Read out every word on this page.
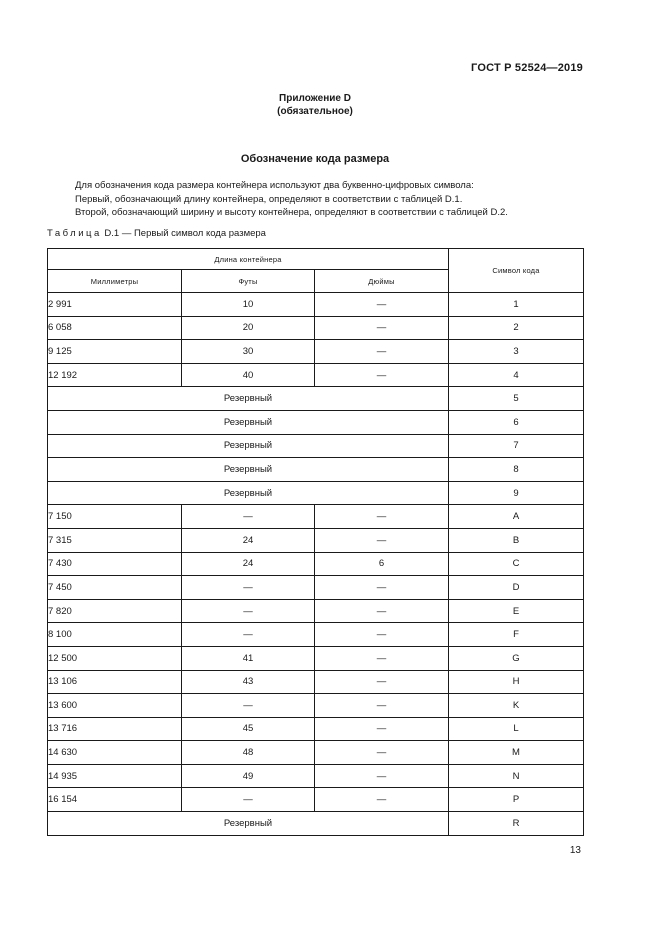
ГОСТ Р 52524—2019
Приложение D
(обязательное)
Обозначение кода размера

Для обозначения кода размера контейнера используют два буквенно-цифровых символа:

Первый, обозначающий длину контейнера, определяют в соответствии с таблицей D.1.

Второй, обозначающий ширину и высоту контейнера, определяют в соответствии с таблицей D.2.

Таблица D.1 — Первый символ кода размера
Длина контейнера			Символ кода
Миллиметры	Футы	Дюймы	
2 991	10	—	1
6 058	20	—	2
9 125	30	—	3
12 192	40	—	4
Резервный			5
Резервный			6
Резервный			7
Резервный			8
Резервный			9
7 150	—	—	A
7 315	24	—	B
7 430	24	6	C
7 450	—	—	D
7 820	—	—	E
8 100	—	—	F
12 500	41	—	G
13 106	43	—	H
13 600	—	—	K
13 716	45	—	L
14 630	48	—	M
14 935	49	—	N
16 154	—	—	P
Резервный			R
13
